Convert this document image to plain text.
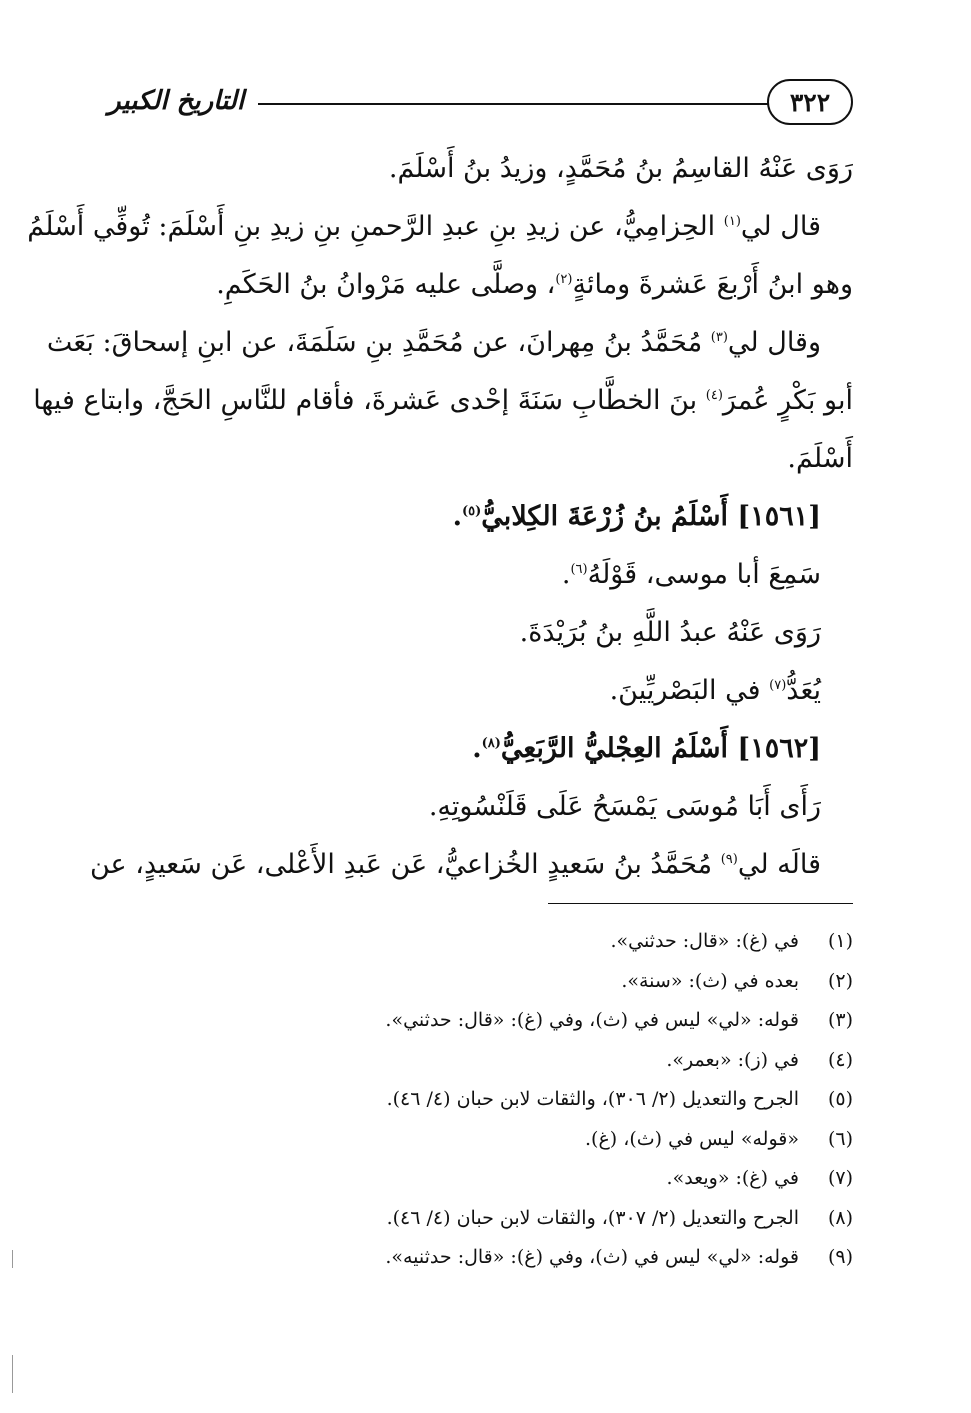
التاريخ الكبير	٣٢٢
رَوَى عَنْهُ القاسِمُ بنُ مُحَمَّدٍ، وزيدُ بنُ أَسْلَمَ.
قال لي$^{(١)}$ الحِزامِيُّ، عن زيدِ بنِ عبدِ الرَّحمنِ بنِ زيدِ بنِ أَسْلَمَ: تُوفِّي أَسْلَمُ
وهو ابنُ أَرْبعَ عَشرةَ ومائةٍ$^{(٢)}$، وصلَّى عليه مَرْوانُ بنُ الحَكَمِ.
وقال لي$^{(٣)}$ مُحَمَّدُ بنُ مِهرانَ، عن مُحَمَّدِ بنِ سَلَمَةَ، عن ابنِ إسحاقَ: بَعَث
أبو بَكْرٍ عُمرَ$^{(٤)}$ بنَ الخطَّابِ سَنَةَ إحْدى عَشرةَ، فأقام للنَّاسِ الحَجَّ، وابتاع فيها
أَسْلَمَ.
[١٥٦١] أَسْلَمُ بنُ زُرْعَةَ الكِلابيُّ$^{(٥)}$.
سَمِعَ أبا موسى، قَوْلَهُ$^{(٦)}$.
رَوَى عَنْهُ عبدُ اللَّهِ بنُ بُرَيْدَةَ.
يُعَدُّ$^{(٧)}$ في البَصْريِّينَ.
[١٥٦٢] أَسْلَمُ العِجْليُّ الرَّبَعِيُّ$^{(٨)}$.
رَأَى أَبَا مُوسَى يَمْسَحُ عَلَى قَلَنْسُوتِهِ.
قالَه لي$^{(٩)}$ مُحَمَّدُ بنُ سَعيدٍ الخُزاعيُّ، عَن عَبدِ الأَعْلى، عَن سَعيدٍ، عن
(١)
في (غ): «قال: حدثني».
(٢)
بعده في (ث): «سنة».
(٣)
قوله: «لي» ليس في (ث)، وفي (غ): «قال: حدثني».
(٤)
في (ز): «بعمر».
(٥)
الجرح والتعديل (٢/ ٣٠٦)، والثقات لابن حبان (٤/ ٤٦).
(٦)
«قوله» ليس في (ث)، (غ).
(٧)
في (غ): «ويعد».
(٨)
الجرح والتعديل (٢/ ٣٠٧)، والثقات لابن حبان (٤/ ٤٦).
(٩)
قوله: «لي» ليس في (ث)، وفي (غ): «قال: حدثنيه».
